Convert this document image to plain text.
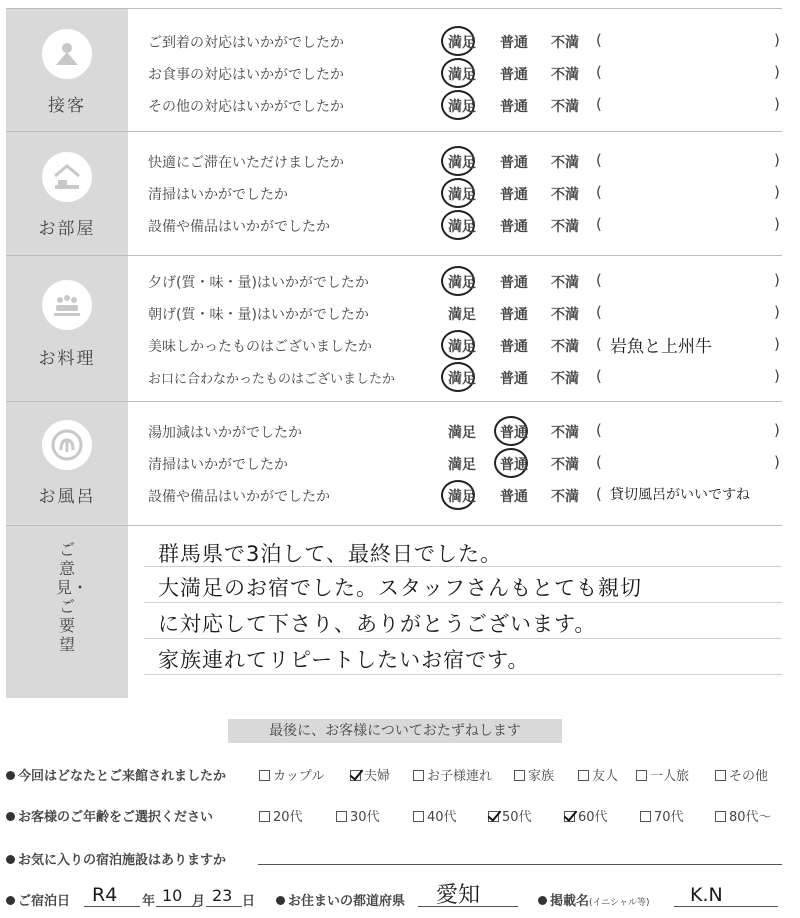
接客
ご到着の対応はいかがでしたか	満足 普通 不満 (	)
お食事の対応はいかがでしたか	満足 普通 不満 (	)
その他の対応はいかがでしたか	満足 普通 不満 (	)
お部屋
快適にご滞在いただけましたか	満足 普通 不満 (	)
清掃はいかがでしたか	満足 普通 不満 (	)
設備や備品はいかがでしたか	満足 普通 不満 (	)
お料理
夕げ(質・味・量)はいかがでしたか	満足 普通 不満 (	)
朝げ(質・味・量)はいかがでしたか	満足 普通 不満 (	)
美味しかったものはございましたか	満足 普通 不満 ( 岩魚と上州牛	)
お口に合わなかったものはございましたか	満足 普通 不満 (	)
お風呂
湯加減はいかがでしたか	満足 普通 不満 (	)
清掃はいかがでしたか	満足 普通 不満 (	)
設備や備品はいかがでしたか	満足 普通 不満 ( 貸切風呂がいいですね
ご意見・ご要望
群馬県で3泊して、最終日でした。
大満足のお宿でした。スタッフさんもとても親切
に対応して下さり、ありがとうございます。
家族連れてリピートしたいお宿です。
最後に、お客様についておたずねします
今回はどなたとご来館されましたか	カップル	夫婦	お子様連れ	家族	友人	一人旅	その他
お客様のご年齢をご選択ください	20代	30代	40代	50代	60代	70代	80代〜
お気に入りの宿泊施設はありますか
ご宿泊日 R4 年 10 月 23 日	お住まいの都道府県 愛知	掲載名(イニシャル等) K.N
